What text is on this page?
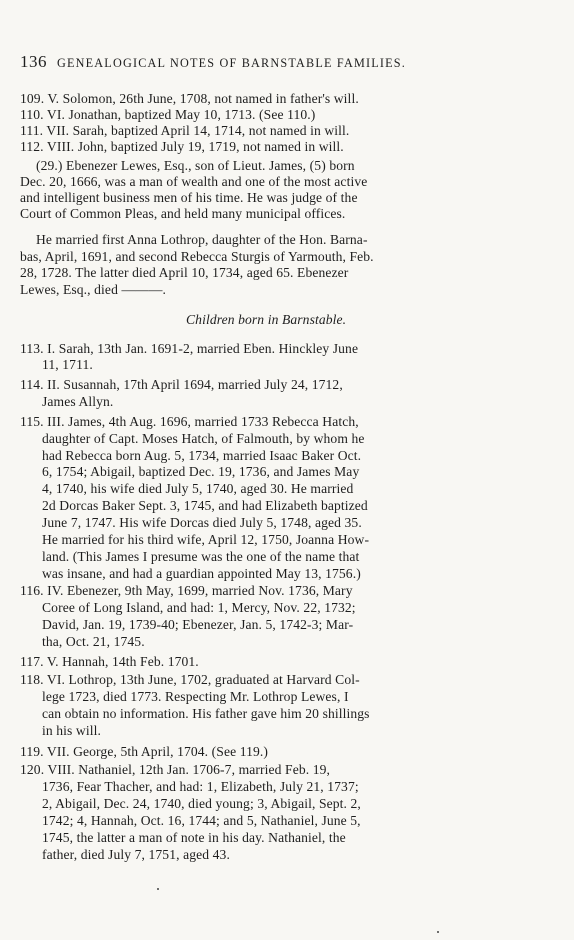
136 GENEALOGICAL NOTES OF BARNSTABLE FAMILIES.
109. V. Solomon, 26th June, 1708, not named in father's will.
110. VI. Jonathan, baptized May 10, 1713. (See 110.)
111. VII. Sarah, baptized April 14, 1714, not named in will.
112. VIII. John, baptized July 19, 1719, not named in will.
(29.) Ebenezer Lewes, Esq., son of Lieut. James, (5) born
Dec. 20, 1666, was a man of wealth and one of the most active
and intelligent business men of his time. He was judge of the
Court of Common Pleas, and held many municipal offices.
He married first Anna Lothrop, daughter of the Hon. Barna-
bas, April, 1691, and second Rebecca Sturgis of Yarmouth, Feb.
28, 1728. The latter died April 10, 1734, aged 65. Ebenezer
Lewes, Esq., died ———.
Children born in Barnstable.
113. I. Sarah, 13th Jan. 1691-2, married Eben. Hinckley June
11, 1711.
114. II. Susannah, 17th April 1694, married July 24, 1712,
James Allyn.
115. III. James, 4th Aug. 1696, married 1733 Rebecca Hatch,
daughter of Capt. Moses Hatch, of Falmouth, by whom he
had Rebecca born Aug. 5, 1734, married Isaac Baker Oct.
6, 1754; Abigail, baptized Dec. 19, 1736, and James May
4, 1740, his wife died July 5, 1740, aged 30. He married
2d Dorcas Baker Sept. 3, 1745, and had Elizabeth baptized
June 7, 1747. His wife Dorcas died July 5, 1748, aged 35.
He married for his third wife, April 12, 1750, Joanna How-
land. (This James I presume was the one of the name that
was insane, and had a guardian appointed May 13, 1756.)
116. IV. Ebenezer, 9th May, 1699, married Nov. 1736, Mary
Coree of Long Island, and had: 1, Mercy, Nov. 22, 1732;
David, Jan. 19, 1739-40; Ebenezer, Jan. 5, 1742-3; Mar-
tha, Oct. 21, 1745.
117. V. Hannah, 14th Feb. 1701.
118. VI. Lothrop, 13th June, 1702, graduated at Harvard Col-
lege 1723, died 1773. Respecting Mr. Lothrop Lewes, I
can obtain no information. His father gave him 20 shillings
in his will.
119. VII. George, 5th April, 1704. (See 119.)
120. VIII. Nathaniel, 12th Jan. 1706-7, married Feb. 19,
1736, Fear Thacher, and had: 1, Elizabeth, July 21, 1737;
2, Abigail, Dec. 24, 1740, died young; 3, Abigail, Sept. 2,
1742; 4, Hannah, Oct. 16, 1744; and 5, Nathaniel, June 5,
1745, the latter a man of note in his day. Nathaniel, the
father, died July 7, 1751, aged 43.
